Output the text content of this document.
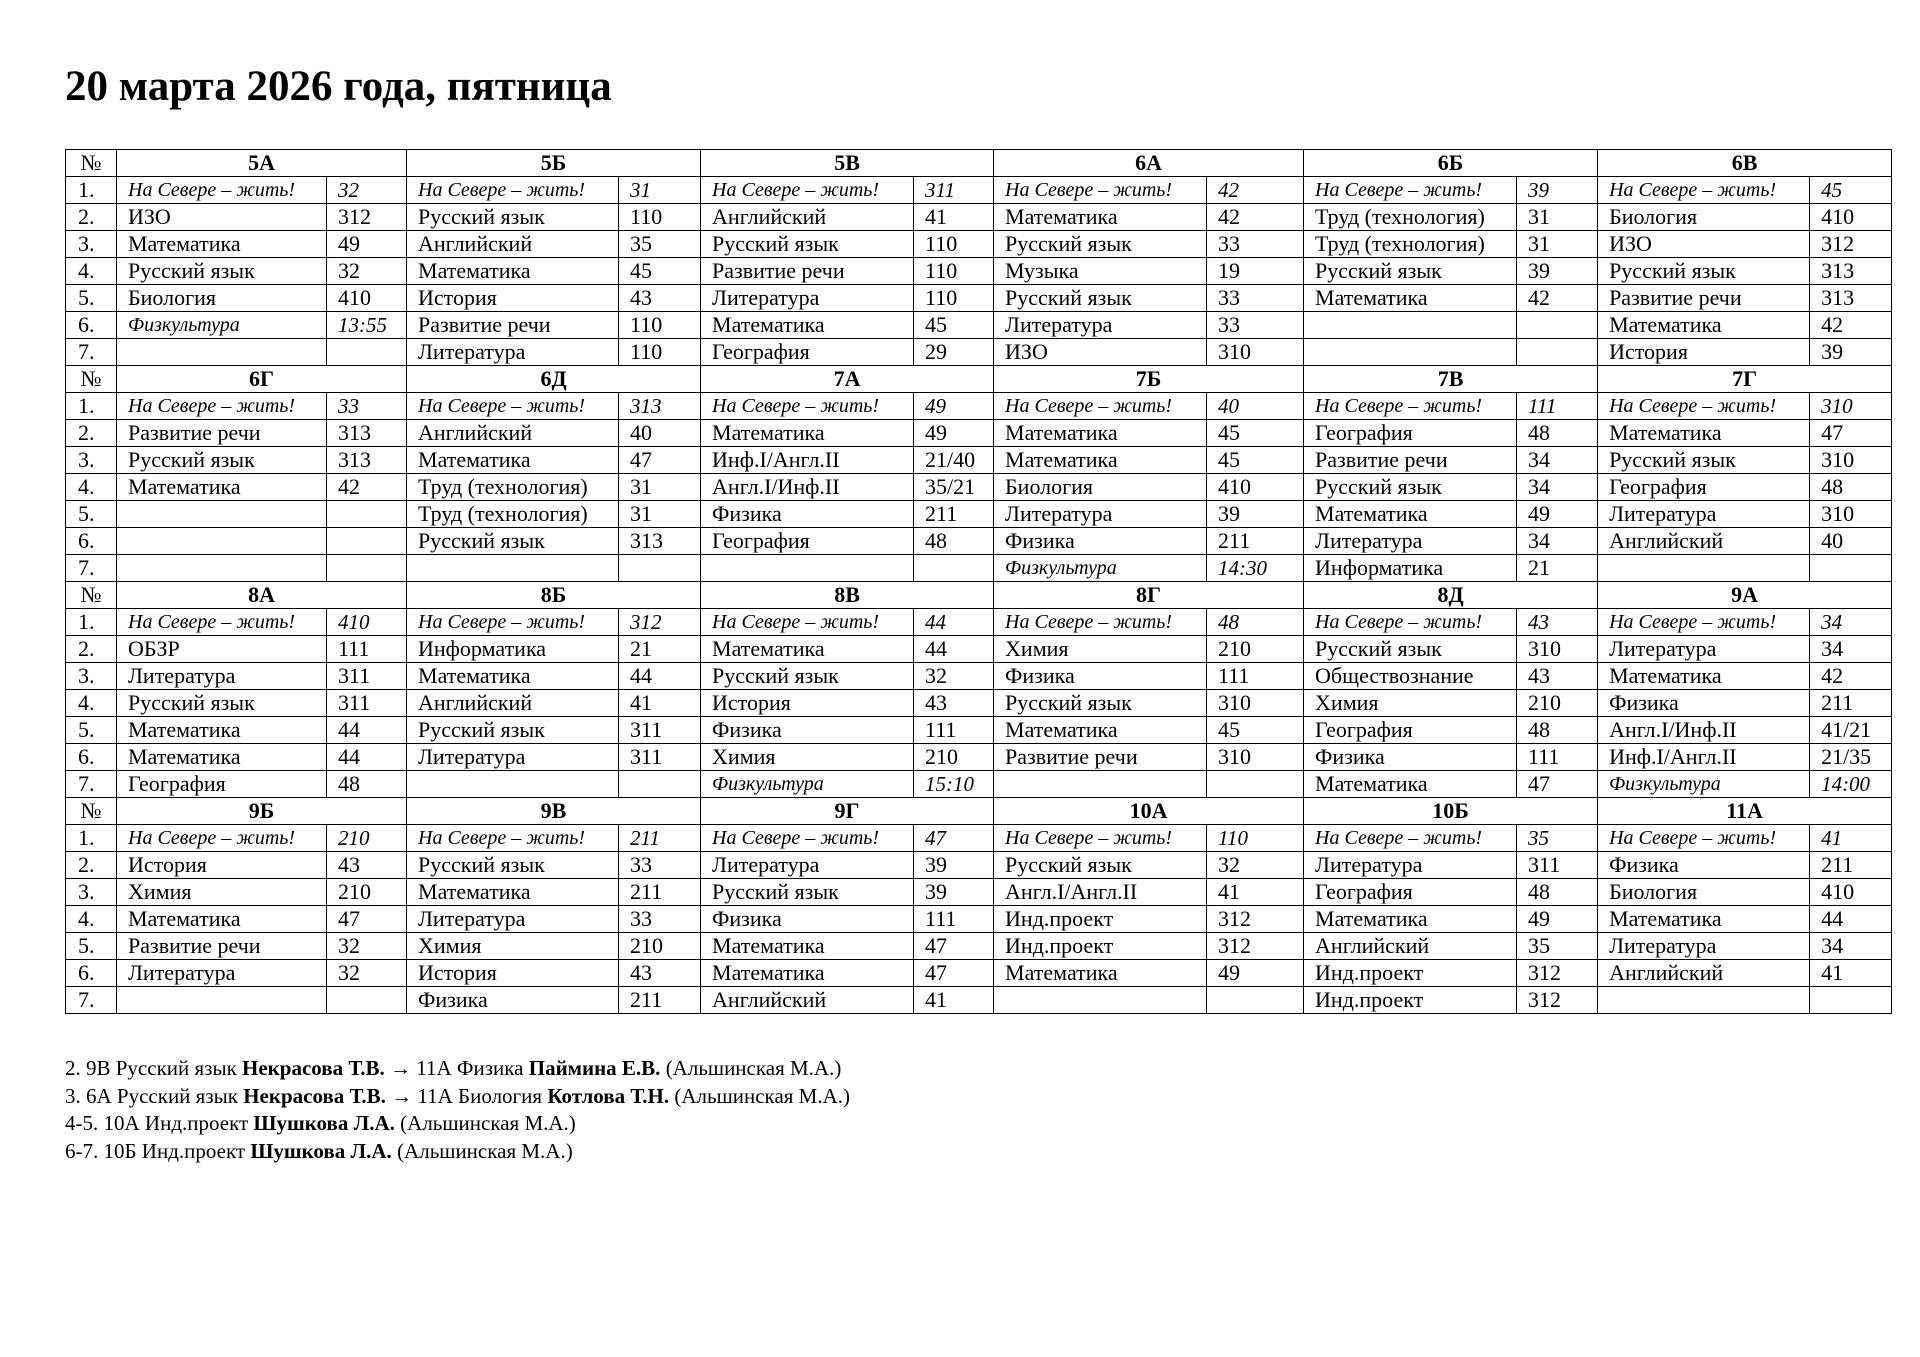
20 марта 2026 года, пятница
№	5А		5Б		5В		6А		6Б		6В	
1.	На Севере – жить!	32	На Севере – жить!	31	На Севере – жить!	311	На Севере – жить!	42	На Севере – жить!	39	На Севере – жить!	45
2.	ИЗО	312	Русский язык	110	Английский	41	Математика	42	Труд (технология)	31	Биология	410
3.	Математика	49	Английский	35	Русский язык	110	Русский язык	33	Труд (технология)	31	ИЗО	312
4.	Русский язык	32	Математика	45	Развитие речи	110	Музыка	19	Русский язык	39	Русский язык	313
5.	Биология	410	История	43	Литература	110	Русский язык	33	Математика	42	Развитие речи	313
6.	Физкультура	13:55	Развитие речи	110	Математика	45	Литература	33			Математика	42
7.			Литература	110	География	29	ИЗО	310			История	39
№	6Г		6Д		7А		7Б		7В		7Г	
1.	На Севере – жить!	33	На Севере – жить!	313	На Севере – жить!	49	На Севере – жить!	40	На Севере – жить!	111	На Севере – жить!	310
2.	Развитие речи	313	Английский	40	Математика	49	Математика	45	География	48	Математика	47
3.	Русский язык	313	Математика	47	Инф.I/Англ.II	21/40	Математика	45	Развитие речи	34	Русский язык	310
4.	Математика	42	Труд (технология)	31	Англ.I/Инф.II	35/21	Биология	410	Русский язык	34	География	48
5.			Труд (технология)	31	Физика	211	Литература	39	Математика	49	Литература	310
6.			Русский язык	313	География	48	Физика	211	Литература	34	Английский	40
7.							Физкультура	14:30	Информатика	21		
№	8А		8Б		8В		8Г		8Д		9А	
1.	На Севере – жить!	410	На Севере – жить!	312	На Севере – жить!	44	На Севере – жить!	48	На Севере – жить!	43	На Севере – жить!	34
2.	ОБЗР	111	Информатика	21	Математика	44	Химия	210	Русский язык	310	Литература	34
3.	Литература	311	Математика	44	Русский язык	32	Физика	111	Обществознание	43	Математика	42
4.	Русский язык	311	Английский	41	История	43	Русский язык	310	Химия	210	Физика	211
5.	Математика	44	Русский язык	311	Физика	111	Математика	45	География	48	Англ.I/Инф.II	41/21
6.	Математика	44	Литература	311	Химия	210	Развитие речи	310	Физика	111	Инф.I/Англ.II	21/35
7.	География	48			Физкультура	15:10			Математика	47	Физкультура	14:00
№	9Б		9В		9Г		10А		10Б		11А	
1.	На Севере – жить!	210	На Севере – жить!	211	На Севере – жить!	47	На Севере – жить!	110	На Севере – жить!	35	На Севере – жить!	41
2.	История	43	Русский язык	33	Литература	39	Русский язык	32	Литература	311	Физика	211
3.	Химия	210	Математика	211	Русский язык	39	Англ.I/Англ.II	41	География	48	Биология	410
4.	Математика	47	Литература	33	Физика	111	Инд.проект	312	Математика	49	Математика	44
5.	Развитие речи	32	Химия	210	Математика	47	Инд.проект	312	Английский	35	Литература	34
6.	Литература	32	История	43	Математика	47	Математика	49	Инд.проект	312	Английский	41
7.			Физика	211	Английский	41			Инд.проект	312		
2. 9В Русский язык Некрасова Т.В. → 11А Физика Паймина Е.В. (Альшинская М.А.)
3. 6А Русский язык Некрасова Т.В. → 11А Биология Котлова Т.Н. (Альшинская М.А.)
4-5. 10А Инд.проект Шушкова Л.А. (Альшинская М.А.)
6-7. 10Б Инд.проект Шушкова Л.А. (Альшинская М.А.)
